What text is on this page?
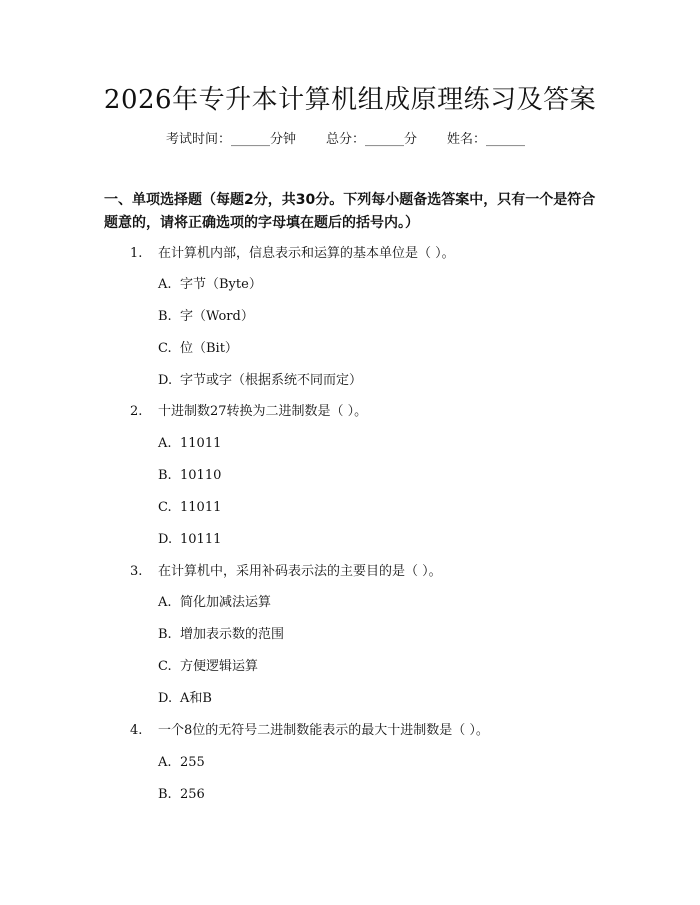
2026年专升本计算机组成原理练习及答案
考试时间：______分钟 总分：______分 姓名：______
一、单项选择题（每题2分，共30分。下列每小题备选答案中，只有一个是符合题意的，请将正确选项的字母填在题后的括号内。）
1. 在计算机内部，信息表示和运算的基本单位是（ ）。
A. 字节（Byte）
B. 字（Word）
C. 位（Bit）
D. 字节或字（根据系统不同而定）
2. 十进制数27转换为二进制数是（ ）。
A. 11011
B. 10110
C. 11011
D. 10111
3. 在计算机中，采用补码表示法的主要目的是（ ）。
A. 简化加减法运算
B. 增加表示数的范围
C. 方便逻辑运算
D. A和B
4. 一个8位的无符号二进制数能表示的最大十进制数是（ ）。
A. 255
B. 256
